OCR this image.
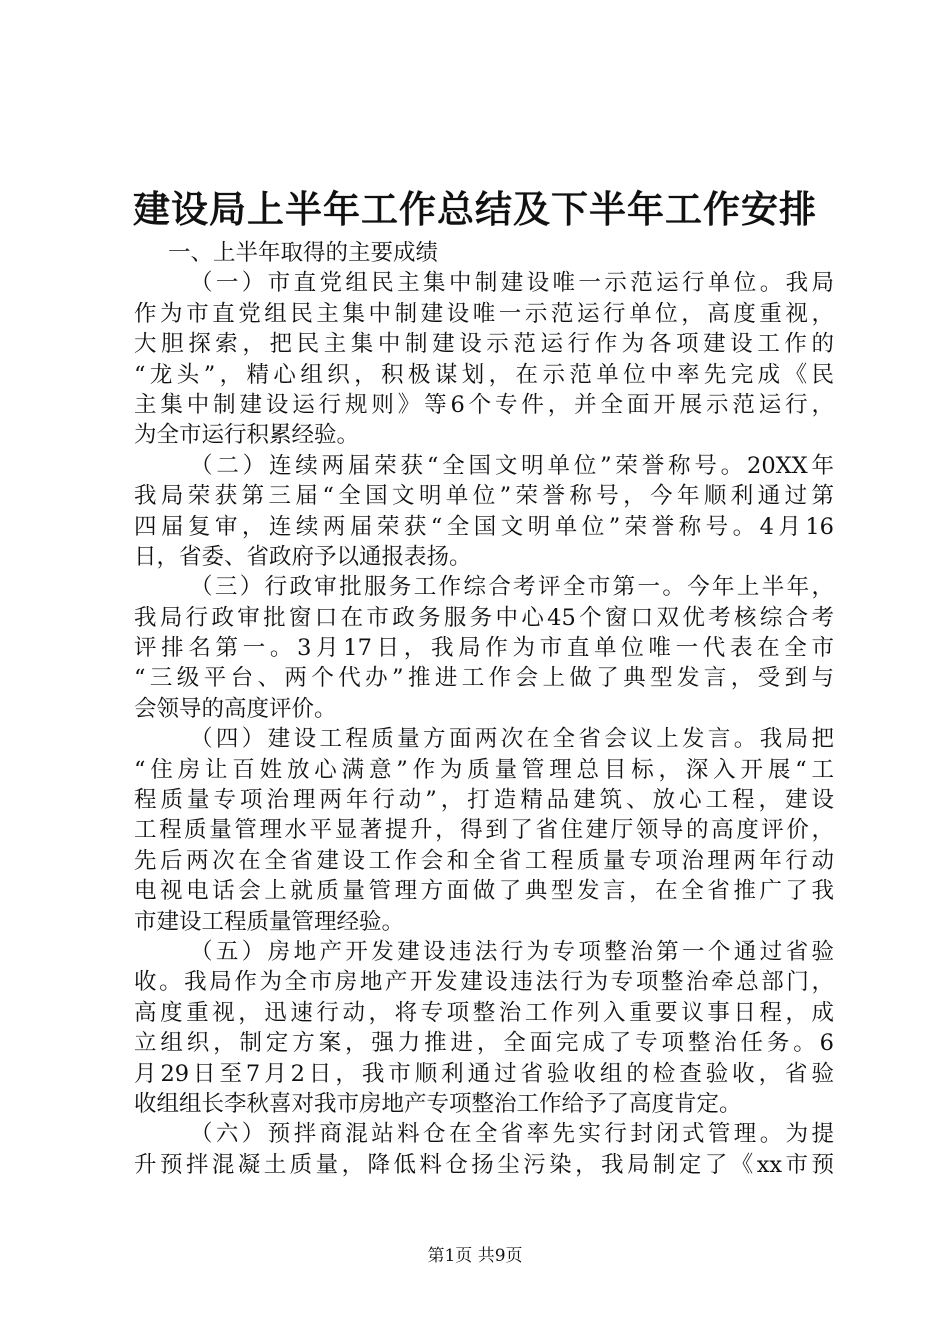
建设局上半年工作总结及下半年工作安排
一、上半年取得的主要成绩
（一）市直党组民主集中制建设唯一示范运行单位。我局
作为市直党组民主集中制建设唯一示范运行单位，高度重视，
大胆探索，把民主集中制建设示范运行作为各项建设工作的
“龙头”，精心组织，积极谋划，在示范单位中率先完成《民
主集中制建设运行规则》等6个专件，并全面开展示范运行，
为全市运行积累经验。
（二）连续两届荣获“全国文明单位”荣誉称号。20XX年
我局荣获第三届“全国文明单位”荣誉称号，今年顺利通过第
四届复审，连续两届荣获“全国文明单位”荣誉称号。4月16
日，省委、省政府予以通报表扬。
（三）行政审批服务工作综合考评全市第一。今年上半年，
我局行政审批窗口在市政务服务中心45个窗口双优考核综合考
评排名第一。3月17日，我局作为市直单位唯一代表在全市
“三级平台、两个代办”推进工作会上做了典型发言，受到与
会领导的高度评价。
（四）建设工程质量方面两次在全省会议上发言。我局把
“住房让百姓放心满意”作为质量管理总目标，深入开展“工
程质量专项治理两年行动”，打造精品建筑、放心工程，建设
工程质量管理水平显著提升，得到了省住建厅领导的高度评价，
先后两次在全省建设工作会和全省工程质量专项治理两年行动
电视电话会上就质量管理方面做了典型发言，在全省推广了我
市建设工程质量管理经验。
（五）房地产开发建设违法行为专项整治第一个通过省验
收。我局作为全市房地产开发建设违法行为专项整治牵总部门，
高度重视，迅速行动，将专项整治工作列入重要议事日程，成
立组织，制定方案，强力推进，全面完成了专项整治任务。6
月29日至7月2日，我市顺利通过省验收组的检查验收，省验
收组组长李秋喜对我市房地产专项整治工作给予了高度肯定。
（六）预拌商混站料仓在全省率先实行封闭式管理。为提
升预拌混凝土质量，降低料仓扬尘污染，我局制定了《xx市预
第1页 共9页
